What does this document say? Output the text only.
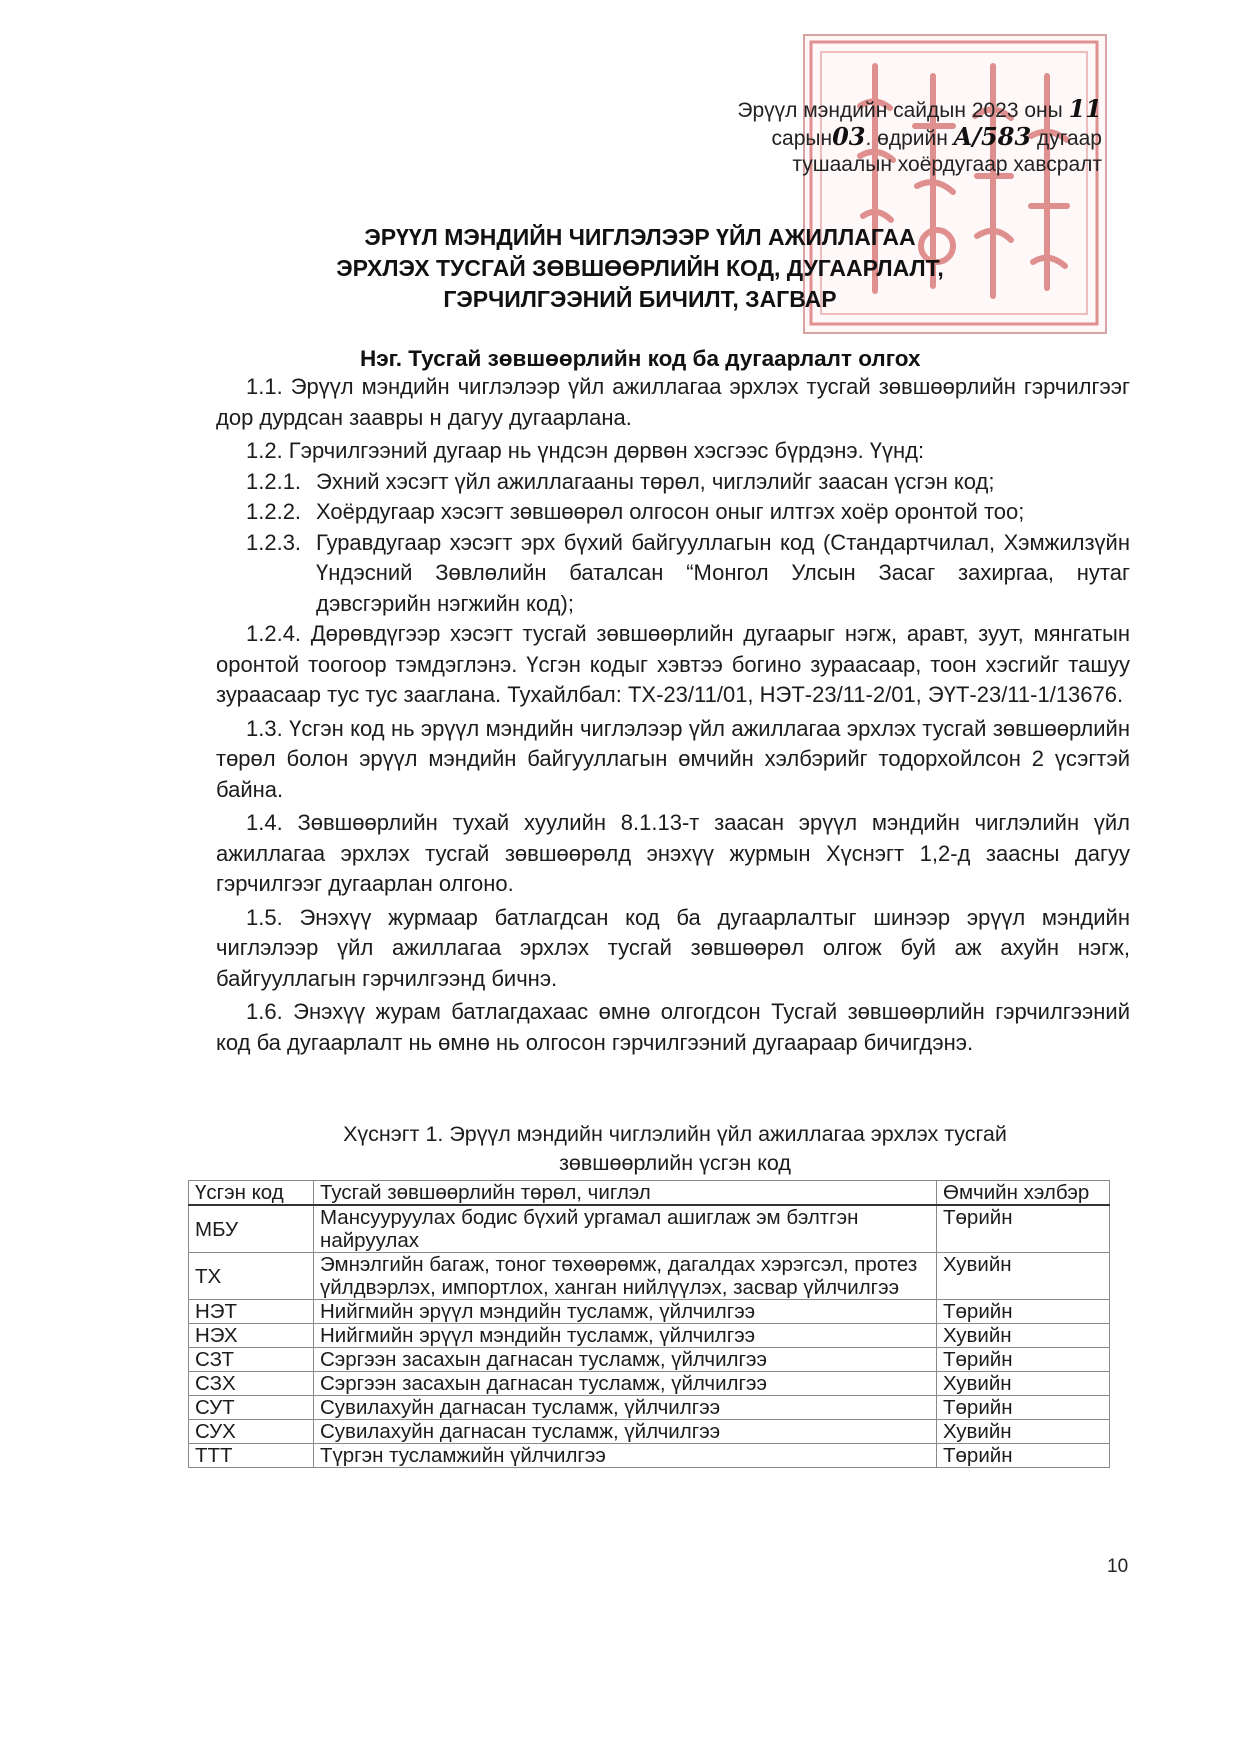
Эрүүл мэндийн сайдын 2023 оны 11
сарын03. өдрийн A/583 дугаар
тушаалын хоёрдугаар хавсралт
ЭРҮҮЛ МЭНДИЙН ЧИГЛЭЛЭЭР ҮЙЛ АЖИЛЛАГАА
ЭРХЛЭХ ТУСГАЙ ЗӨВШӨӨРЛИЙН КОД, ДУГААРЛАЛТ,
ГЭРЧИЛГЭЭНИЙ БИЧИЛТ, ЗАГВАР
Нэг. Тусгай зөвшөөрлийн код ба дугаарлалт олгох

1.1. Эрүүл мэндийн чиглэлээр үйл ажиллагаа эрхлэх тусгай зөвшөөрлийн гэрчилгээг дор дурдсан заавры н дагуу дугаарлана.

1.2. Гэрчилгээний дугаар нь үндсэн дөрвөн хэсгээс бүрдэнэ. Үүнд:

1.2.1. Эхний хэсэгт үйл ажиллагааны төрөл, чиглэлийг заасан үсгэн код;
1.2.2. Хоёрдугаар хэсэгт зөвшөөрөл олгосон оныг илтгэх хоёр оронтой тоо;
1.2.3. Гуравдугаар хэсэгт эрх бүхий байгууллагын код (Стандартчилал, Хэмжилзүйн Үндэсний Зөвлөлийн баталсан “Монгол Улсын Засаг захиргаа, нутаг дэвсгэрийн нэгжийн код);

1.2.4. Дөрөвдүгээр хэсэгт тусгай зөвшөөрлийн дугаарыг нэгж, аравт, зуут, мянгатын оронтой тоогоор тэмдэглэнэ. Үсгэн кодыг хэвтээ богино зураасаар, тоон хэсгийг ташуу зураасаар тус тус зааглана. Тухайлбал: ТХ-23/11/01, НЭТ-23/11-2/01, ЭҮТ-23/11-1/13676.

1.3. Үсгэн код нь эрүүл мэндийн чиглэлээр үйл ажиллагаа эрхлэх тусгай зөвшөөрлийн төрөл болон эрүүл мэндийн байгууллагын өмчийн хэлбэрийг тодорхойлсон 2 үсэгтэй байна.

1.4. Зөвшөөрлийн тухай хуулийн 8.1.13-т заасан эрүүл мэндийн чиглэлийн үйл ажиллагаа эрхлэх тусгай зөвшөөрөлд энэхүү журмын Хүснэгт 1,2-д заасны дагуу гэрчилгээг дугаарлан олгоно.

1.5. Энэхүү журмаар батлагдсан код ба дугаарлалтыг шинээр эрүүл мэндийн чиглэлээр үйл ажиллагаа эрхлэх тусгай зөвшөөрөл олгож буй аж ахуйн нэгж, байгууллагын гэрчилгээнд бичнэ.

1.6. Энэхүү журам батлагдахаас өмнө олгогдсон Тусгай зөвшөөрлийн гэрчилгээний код ба дугаарлалт нь өмнө нь олгосон гэрчилгээний дугаараар бичигдэнэ.

Хүснэгт 1. Эрүүл мэндийн чиглэлийн үйл ажиллагаа эрхлэх тусгай
зөвшөөрлийн үсгэн код
Үсгэн код	Тусгай зөвшөөрлийн төрөл, чиглэл	Өмчийн хэлбэр
МБУ	Мансууруулах бодис бүхий ургамал ашиглаж эм бэлтгэн найруулах	Төрийн
ТХ	Эмнэлгийн багаж, тоног төхөөрөмж, дагалдах хэрэгсэл, протез үйлдвэрлэх, импортлох, ханган нийлүүлэх, засвар үйлчилгээ	Хувийн
НЭТ	Нийгмийн эрүүл мэндийн тусламж, үйлчилгээ	Төрийн
НЭХ	Нийгмийн эрүүл мэндийн тусламж, үйлчилгээ	Хувийн
СЗТ	Сэргээн засахын дагнасан тусламж, үйлчилгээ	Төрийн
СЗХ	Сэргээн засахын дагнасан тусламж, үйлчилгээ	Хувийн
СУТ	Сувилахуйн дагнасан тусламж, үйлчилгээ	Төрийн
СУХ	Сувилахуйн дагнасан тусламж, үйлчилгээ	Хувийн
ТТТ	Түргэн тусламжийн үйлчилгээ	Төрийн
10
